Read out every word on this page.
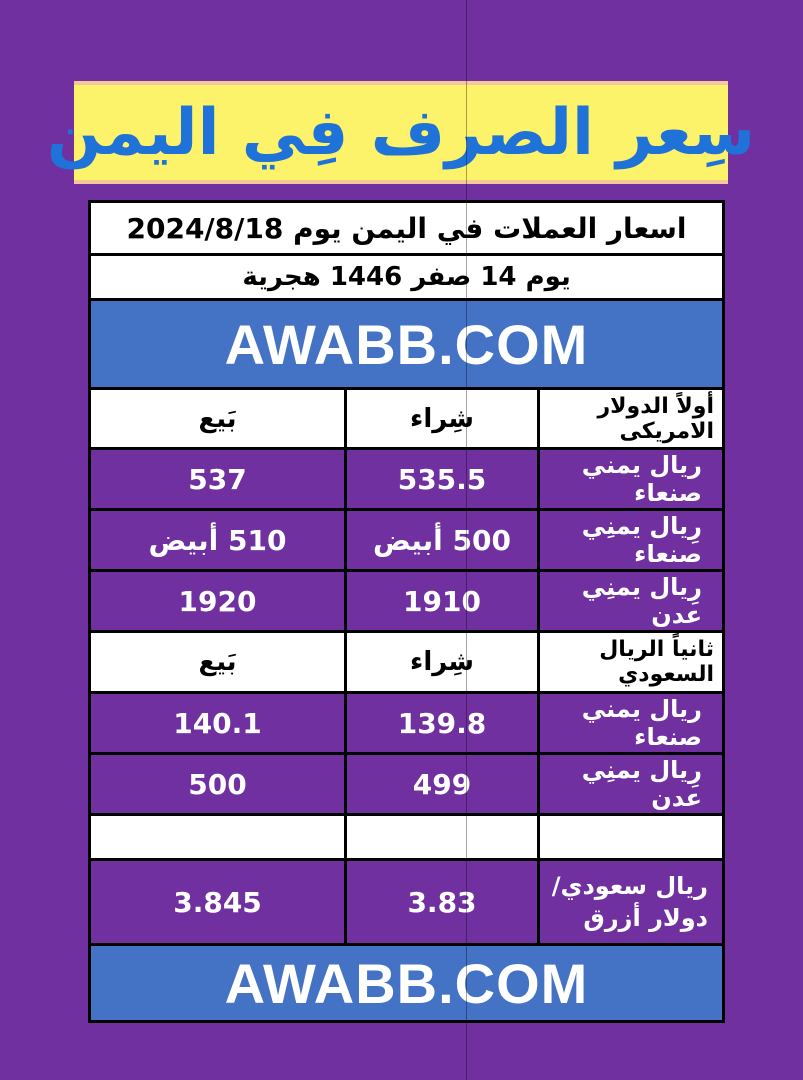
سِعر الصرف فِي اليمن
اسعار العملات في اليمن يوم 2024/8/18
يوم 14 صفر 1446 هجرية
AWABB.COM
أولاً الدولار الامريكى
شِراء
بَيع
ريال يمني صنعاء
535.5
537
رِيال يمنِي صنعاء
500 أبيض
510 أبيض
رِيال يمنِي عدن
1910
1920
ثانياً الريال السعودي
شِراء
بَيع
ريال يمني صنعاء
139.8
140.1
رِيال يمنِي عدن
499
500
ريال سعودي/ دولار أزرق
3.83
3.845
AWABB.COM
